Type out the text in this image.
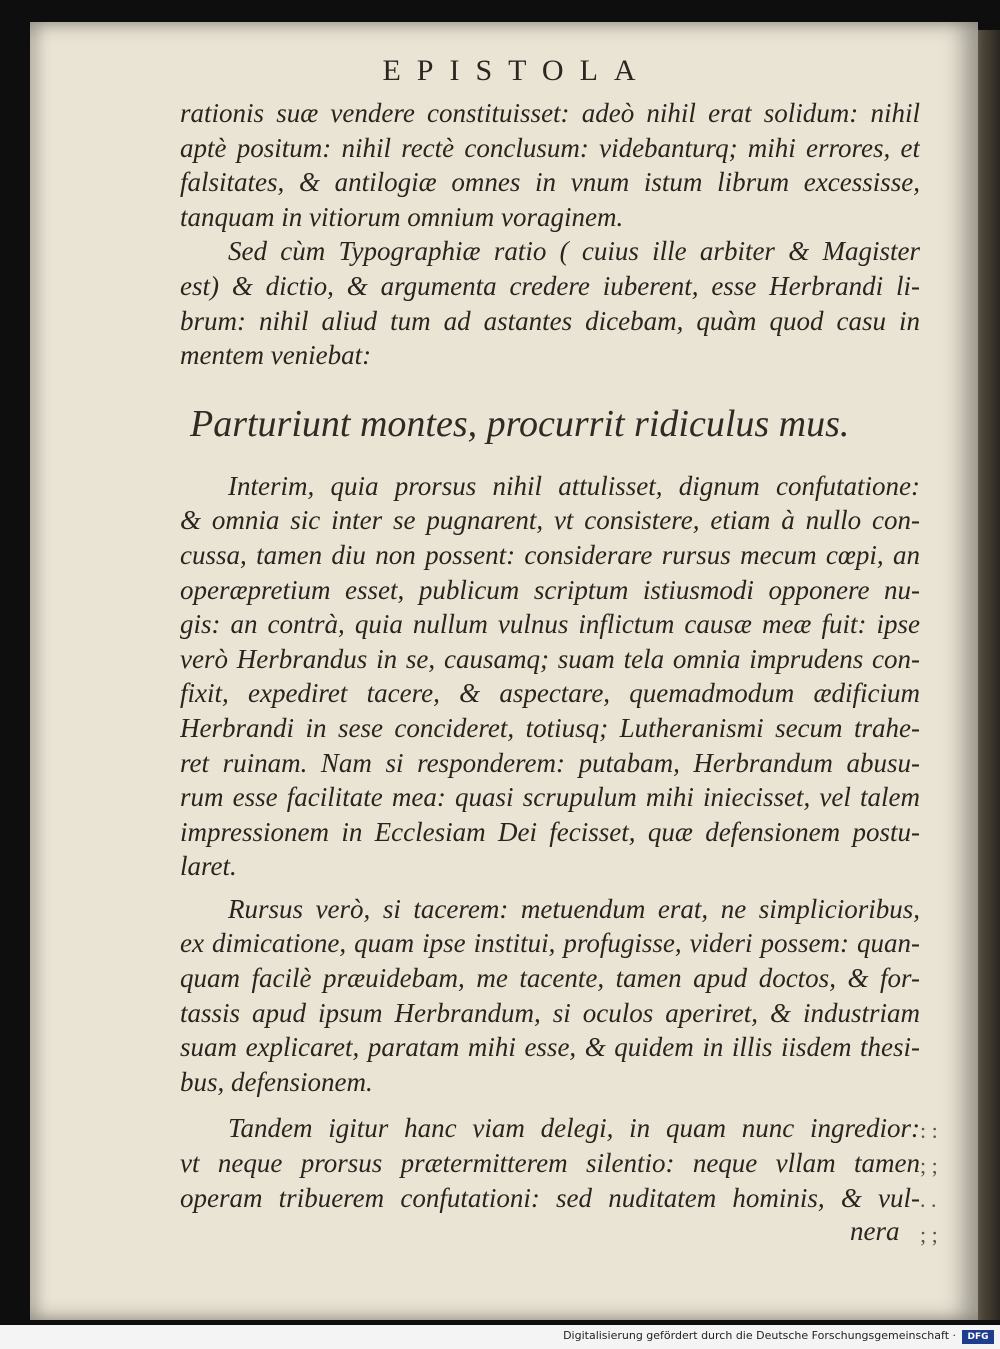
EPISTOLA
rationis suæ vendere constituisset: adeò nihil erat solidum: nihil
aptè positum: nihil rectè conclusum: videbanturq; mihi errores, et
falsitates, & antilogiæ omnes in vnum istum librum excessisse,
tanquam in vitiorum omnium voraginem.
Sed cùm Typographiæ ratio ( cuius ille arbiter & Magister
est) & dictio, & argumenta credere iuberent, esse Herbrandi li-
brum: nihil aliud tum ad astantes dicebam, quàm quod casu in
mentem veniebat:
Parturiunt montes, procurrit ridiculus mus.
Interim, quia prorsus nihil attulisset, dignum confutatione:
& omnia sic inter se pugnarent, vt consistere, etiam à nullo con-
cussa, tamen diu non possent: considerare rursus mecum cœpi, an
operæpretium esset, publicum scriptum istiusmodi opponere nu-
gis: an contrà, quia nullum vulnus inflictum causæ meæ fuit: ipse
verò Herbrandus in se, causamq; suam tela omnia imprudens con-
fixit, expediret tacere, & aspectare, quemadmodum ædificium
Herbrandi in sese concideret, totiusq; Lutheranismi secum trahe-
ret ruinam. Nam si responderem: putabam, Herbrandum abusu-
rum esse facilitate mea: quasi scrupulum mihi iniecisset, vel talem
impressionem in Ecclesiam Dei fecisset, quæ defensionem postu-
laret.
Rursus verò, si tacerem: metuendum erat, ne simplicioribus,
ex dimicatione, quam ipse institui, profugisse, videri possem: quan-
quam facilè præuidebam, me tacente, tamen apud doctos, & for-
tassis apud ipsum Herbrandum, si oculos aperiret, & industriam
suam explicaret, paratam mihi esse, & quidem in illis iisdem thesi-
bus, defensionem.
Tandem igitur hanc viam delegi, in quam nunc ingredior:
vt neque prorsus prætermitterem silentio: neque vllam tamen
operam tribuerem confutationi: sed nuditatem hominis, & vul-
: :
; ;
. .
; ;
nera
Digitalisierung gefördert durch die Deutsche Forschungsgemeinschaft ·	DFG
